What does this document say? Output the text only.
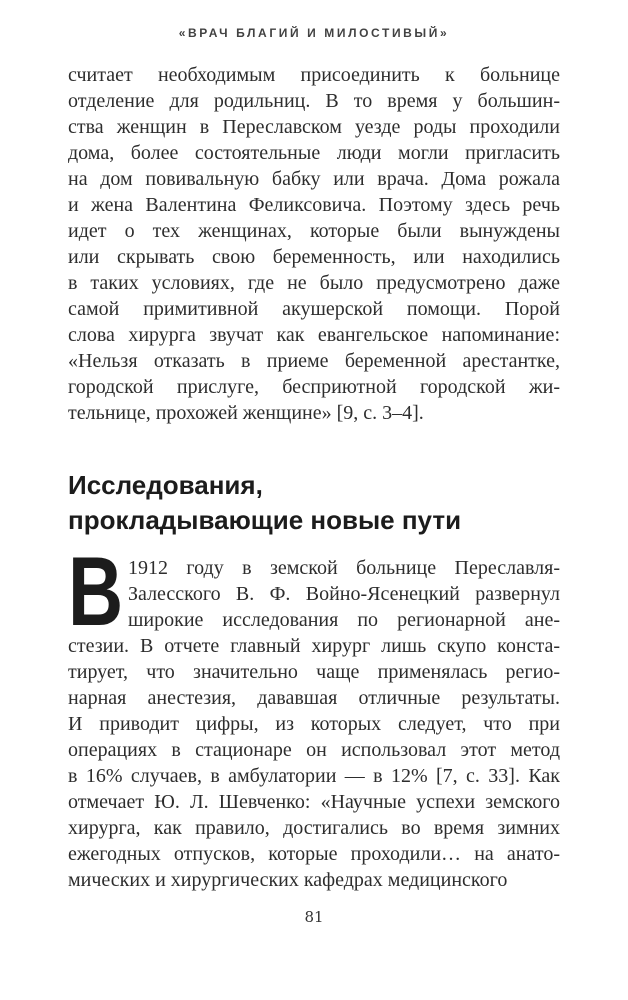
«ВРАЧ БЛАГИЙ И МИЛОСТИВЫЙ»
считает необходимым присоединить к больнице
отделение для родильниц. В то время у большин-
ства женщин в Переславском уезде роды проходили
дома, более состоятельные люди могли пригласить
на дом повивальную бабку или врача. Дома рожала
и жена Валентина Феликсовича. Поэтому здесь речь
идет о тех женщинах, которые были вынуждены
или скрывать свою беременность, или находились
в таких условиях, где не было предусмотрено даже
самой примитивной акушерской помощи. Порой
слова хирурга звучат как евангельское напоминание:
«Нельзя отказать в приеме беременной арестантке,
городской прислуге, бесприютной городской жи-
тельнице, прохожей женщине» [9, с. 3–4].
Исследования,
прокладывающие новые пути
В 1912 году в земской больнице Переславля-
Залесского В. Ф. Войно-Ясенецкий развернул
широкие исследования по регионарной ане-
стезии. В отчете главный хирург лишь скупо конста-
тирует, что значительно чаще применялась регио-
нарная анестезия, дававшая отличные результаты.
И приводит цифры, из которых следует, что при
операциях в стационаре он использовал этот метод
в 16% случаев, в амбулатории — в 12% [7, с. 33]. Как
отмечает Ю. Л. Шевченко: «Научные успехи земского
хирурга, как правило, достигались во время зимних
ежегодных отпусков, которые проходили… на анато-
мических и хирургических кафедрах медицинского
81
